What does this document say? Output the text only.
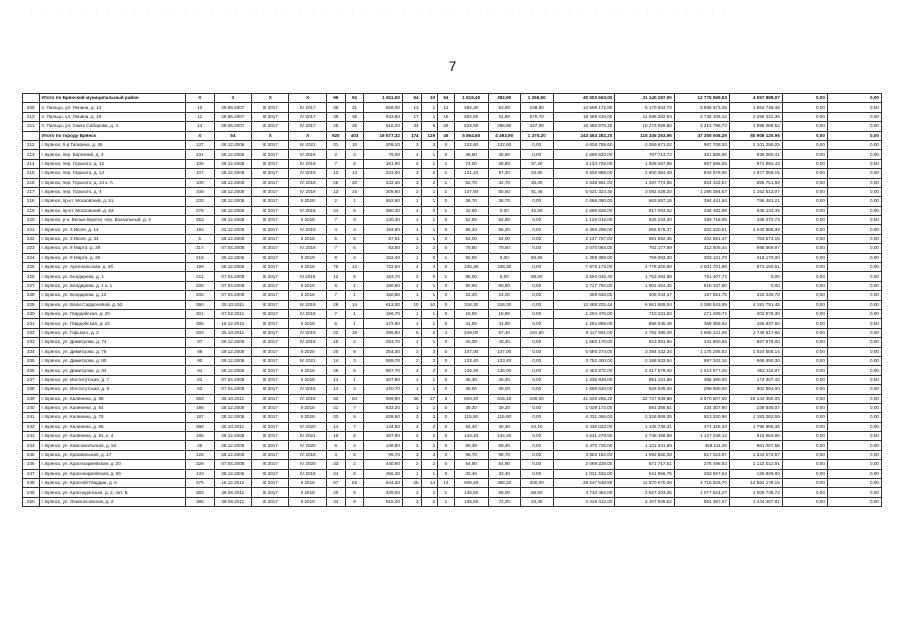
· ˙ ‧ · ˙ · ‧ ˙ · · ˙ ‧ · ˙ · ‧ · ˙ · ‧ ˙ · · ˙ ‧ · ˙ · ‧ · ˙ · ‧ ˙ · · ˙ ‧ · ˙ · ‧ · ˙ · ‧ ˙ · · ˙ ‧ · ˙ · ‧
7
	Итого по Брянский муниципальный район	Х	3	Х	Х	99	92	1 911,00	64	10	54	1 619,40	352,90	1 266,50	40 003 663,00	31 140 197,00	12 775 569,53	4 057 898,07	0,00	0,00
209	п. Пальцо, ул. Ленина, д. 14	10	29.06.2007	III 2017	IV 2017	36	31	659,00	13	1	12	492,30	53,50	438,80	14 599 172,00	5 170 934,73	3 905 673,49	1 064 748,48	0,00	0,00
210	п. Пальцо, ул. Ленина, д. 15	11	29.06.2007	III 2017	IV 2017	38	36	633,80	17	1	16	602,50	31,80	570,70	18 469 410,00	11 598 262,53	4 736 105,12	2 255 242,35	0,00	0,00
211	п. Пальцо, ул. Сакко Саборова, д. 4	14	29.06.2007	III 2017	IV 2017	25	25	618,20	34	8	26	533,90	286,80	247,00	16 485 979,20	10 273 999,82	4 213 798,72	1 998 088,54	0,00	0,00
	Итого по городу Брянск	Х	54	Х	Х	920	403	16 577,32	174	129	45	5 864,60	4 493,90	1 370,20	243 454 282,20	115 345 253,96	47 300 008,29	80 908 120,95	0,00	0,00
212	г. Брянск, б-р Гагарина, д. 26	137	28.12.2006	III 2017	IV 2021	31	10	209,10	3	3	0	122,60	122,60	0,00	4 628 765,60	2 359 671,02	967 708,33	1 101 296,25	0,00	0,00
213	г. Брянск, пер. Березний, д. 3	231	29.12.2006	III 2017	IV 2019	2	2	79,00	1	1	0	36,90	36,90	0,00	1 698 620,00	797 713,72	361 885,86	539 080,41	0,00	0,00
214	г. Брянск, пер. Горького, д. 12	106	28.12.2006	III 2017	IV 2019	7	5	161,90	2	1	1	74,00	36,80	37,20	3 134 726,00	1 605 267,55	657 566,55	871 892,43	0,00	0,00
215	г. Брянск, пер. Горького, д. 14	107	28.12.2006	III 2017	IV 2019	13	13	231,00	3	2	1	131,10	97,20	33,90	5 626 888,00	2 800 354,49	943 578,86	1 877 056,15	0,00	0,00
216	г. Брянск, пер. Горького, д. 14 к. А	109	28.12.2006	III 2017	IV 2019	28	20	232,30	3	2	1	62,70	32,70	30,00	2 638 961,00	1 297 774,85	524 432,57	856 751,58	0,00	0,00
217	г. Брянск, пер. Горького, д. 4	108	28.12.2006	III 2017	IV 2019	13	16	209,60	3	1	2	147,90	55,60	91,46	5 531 324,40	3 082 428,20	1 286 384,57	1 162 512,07	0,00	0,00
218	г. Брянск, пр-кт. Московский, д. 51	233	28.12.2006	III 2017	II 2018	2	1	692,60	1	1	0	36,70	36,70	0,00	1 696 080,00	663 697,16	284 441,64	756 481,21	0,00	0,00
219	г. Брянск, пр-кт. Московский, д. 53	278	28.12.2006	III 2017	IV 2018	24	6	380,40	1	0	1	42,50	0,00	42,50	1 698 628,00	817 093,62	335 492,99	545 133,49	0,00	0,00
220	г. Брянск, р-н. Белые Береги, пер. Вокзальный, д. 4	353	28.12.2006	III 2017	II 2018	7	3	130,30	1	1	0	52,90	52,90	0,00	1 120 012,00	625 243,20	259 716,95	435 072,73	0,00	0,00
221	г. Брянск, ул. 3 Июля, д. 14	192	23.12.2006	III 2017	IV 2019	4	3	193,90	1	1	0	56,20	56,20	0,00	5 369 299,00	856 878,37	202 320,51	2 040 888,39	0,00	0,00
222	г. Брянск, ул. 3 Июля, д. 34	5	28.12.2006	III 2017	II 2018	5	5	87,81	1	1	0	54,00	54,00	0,00	2 147 757,00	981 592,35	402 591,47	763 573,18	0,00	0,00
223	г. Брянск, ул. 8 Марта, д. 29	217	07.04.2008	III 2017	IV 2019	7	6	83,60	2	2	0	79,60	79,60	0,00	2 070 064,00	762 177,59	312 606,44	995 569,97	0,00	0,00
224	г. Брянск, ул. 8 Марта, д. 26	216	29.12.2006	III 2017	II 2019	8	4	162,40	1	0	1	50,90	0,00	50,90	1 369 388,00	759 083,30	303 121,70	318 170,00	0,00	0,00
225	г. Брянск, ул. Арсенальская, д. 9б	199	28.12.2006	III 2017	II 2018	75	12	722,50	4	4	0	235,30	235,30	0,00	7 675 173,00	4 778 320,60	2 001 701,99	871 150,61	0,00	0,00
226	г. Брянск, ул. Бондарева, д. 1	211	07.04.2008	III 2017	III 2019	13	5	163,70	2	0	1	88,00	0,00	88,00	2 594 032,40	1 753 284,88	751 407,72	0,00	0,00	0,00
227	г. Брянск, ул. Бондарева, д. 1 к. 1	209	07.04.2008	III 2017	II 2018	6	1	180,60	1	1	0	90,60	90,60	0,00	2 717 792,00	1 902 454,45	815 337,60	0,00	0,00	0,00
228	г. Брянск, ул. Бондарева, д. 13	206	07.04.2008	III 2017	II 2019	7	1	150,80	1	1	0	23,20	23,20	0,00	309 636,00	408 034,47	167 551,75	320 249,78	0,00	0,00
229	г. Брянск, ул. Вали Сафроновой, д. 52	390	25.10.2011	III 2017	IV 2019	28	14	613,30	10	10	0	316,30	316,30	0,00	12 489 202,44	6 661 869,04	2 365 543,85	4 191 791,45	0,00	0,00
230	г. Брянск, ул. Гвардейская, д. 20	301	07.02.2011	III 2017	IV 2019	7	1	156,70	1	1	0	15,90	15,90	0,00	1 204 476,00	710 231,93	271 289,72	202 978,30	0,00	0,00
231	г. Брянск, ул. Гвардейская, д. 22	385	16.12.2010	III 2017	II 2019	6	1	172,90	1	1	0	41,90	41,90	0,00	1 254 899,00	896 645,48	358 356,92	155 837,60	0,00	0,00
232	г. Брянск, ул. Горького, д. 2	203	25.10.2011	III 2017	IV 2019	22	15	296,90	6	2	4	249,00	67,40	181,60	9 117 691,00	4 792 480,29	1 965 141,65	2 749 617,66	0,00	0,00
233	г. Брянск, ул. Димитрова, д. 74	87	29.12.2006	III 2017	IV 2019	16	2	291,70	1	1	0	43,30	43,30	0,00	1 683 170,00	823 391,65	341 800,65	567 978,00	0,00	0,00
234	г. Брянск, ул. Димитрова, д. 78	89	29.12.2006	III 2017	II 2020	20	9	254,30	3	3	0	147,00	147,00	0,00	5 594 274,00	3 394 432,34	1 175 285,52	1 024 556,14	0,00	0,00
235	г. Брянск, ул. Димитрова, д. 80	90	29.12.2006	III 2017	IV 2021	14	3	589,70	2	2	0	123,40	123,40	0,00	3 752 400,00	2 188 533,54	897 342,16	666 490,30	0,00	0,00
236	г. Брянск, ул. Димитрова, д. 84	91	29.12.2006	III 2017	II 2018	29	6	957,70	2	2	0	136,40	136,00	0,00	4 453 672,00	2 417 579,40	1 013 577,25	362 115,97	0,00	0,00
237	г. Брянск, ул. Институтская, д. 7	52	07.04.2008	III 2017	II 2018	14	1	207,80	1	1	0	46,30	46,30	0,00	1 335 939,00	891 131,88	365 490,00	173 307,42	0,00	0,00
238	г. Брянск, ул. Институтская, д. 9	53	07.04.2008	III 2017	IV 2018	14	4	220,70	1	1	0	39,00	39,00	0,00	1 698 620,00	628 945,20	268 680,00	802 994,00	0,00	0,00
239	г. Брянск, ул. Калинина, д. 98	393	25.10.2011	III 2017	IV 2018	83	64	959,90	36	27	9	804,40	615,40	189,00	41 549 265,20	22 727 939,88	6 970 807,50	19 144 350,00	0,00	0,00
240	г. Брянск, ул. Калинина, д. 54	186	28.12.2006	III 2017	II 2018	21	7	633,20	1	1	0	39,20	39,20	0,00	1 039 172,00	591 356,61	234 307,90	239 548,07	0,00	0,00
241	г. Брянск, ул. Калинина, д. 76	187	28.12.2006	III 2017	II 2018	33	9	639,50	3	3	0	115,90	115,90	0,00	4 331 366,00	2 326 869,35	913 330,96	1 183 262,59	0,00	0,00
242	г. Брянск, ул. Калинина, д. 85	389	25.10.2011	III 2017	IV 2020	14	7	144,80	2	2	0	64,40	40,30	24,10	3 436 032,00	1 136 739,21	474 426,43	1 795 666,36	0,00	0,00
243	г. Брянск, ул. Калинина, д. 91, к. 4	185	28.12.2006	III 2017	IV 2021	15	5	487,90	2	2	0	144,40	144,40	0,00	4 641 278,60	2 748 458,58	1 127 236,12	815 564,90	0,00	0,00
244	г. Брянск, ул. Комсомольская, д. 54	46	28.12.2006	III 2017	IV 2020	6	4	148,90	2	2	0	59,30	59,30	0,00	2 470 726,00	1 141 341,99	468 111,26	861 267,55	0,00	0,00
245	г. Брянск, ул. Крахмальная, д. 17	125	28.12.2006	III 2017	IV 2019	3	5	96,70	3	3	0	98,70	98,70	0,00	3 853 152,00	1 992 855,08	817 023,97	1 344 072,87	0,00	0,00
246	г. Брянск, ул. Красноармейская, д. 20	329	07.04.2008	III 2017	IV 2020	33	2	440,60	2	2	0	54,90	54,90	0,00	2 069 228,00	671 717,51	275 498,83	1 122 012,91	0,00	0,00
247	г. Брянск, ул. Красноармейская, д. 65	133	28.12.2006	III 2017	IV 2019	24	6	256,30	1	1	0	33,40	33,40	0,00	1 031 532,00	641 966,75	263 657,63	125 929,90	0,00	0,00
248	г. Брянск, ул. Красной Гвардии, д. 5	375	16.12.2010	III 2017	II 2018	67	63	644,40	25	14	14	606,20	306,20	300,00	29 247 548,80	11 870 070,08	4 716 926,70	12 654 179,15	0,00	0,00
249	г. Брянск, ул. Краснодонская, д. 2, лит. Б	383	28.06.2011	III 2017	II 2018	20	6	339,00	3	2	1	136,50	68,00	68,50	4 710 464,00	2 627 203,05	1 077 524,27	1 005 736,72	0,00	0,00
250	г. Брянск, ул. Ломоносовская, д. 2	386	28.06.2011	III 2017	II 2019	34	8	515,40	3	2	1	105,50	72,20	33,30	4 416 412,00	2 107 536,52	864 367,57	1 444 487,91	0,00	0,00
